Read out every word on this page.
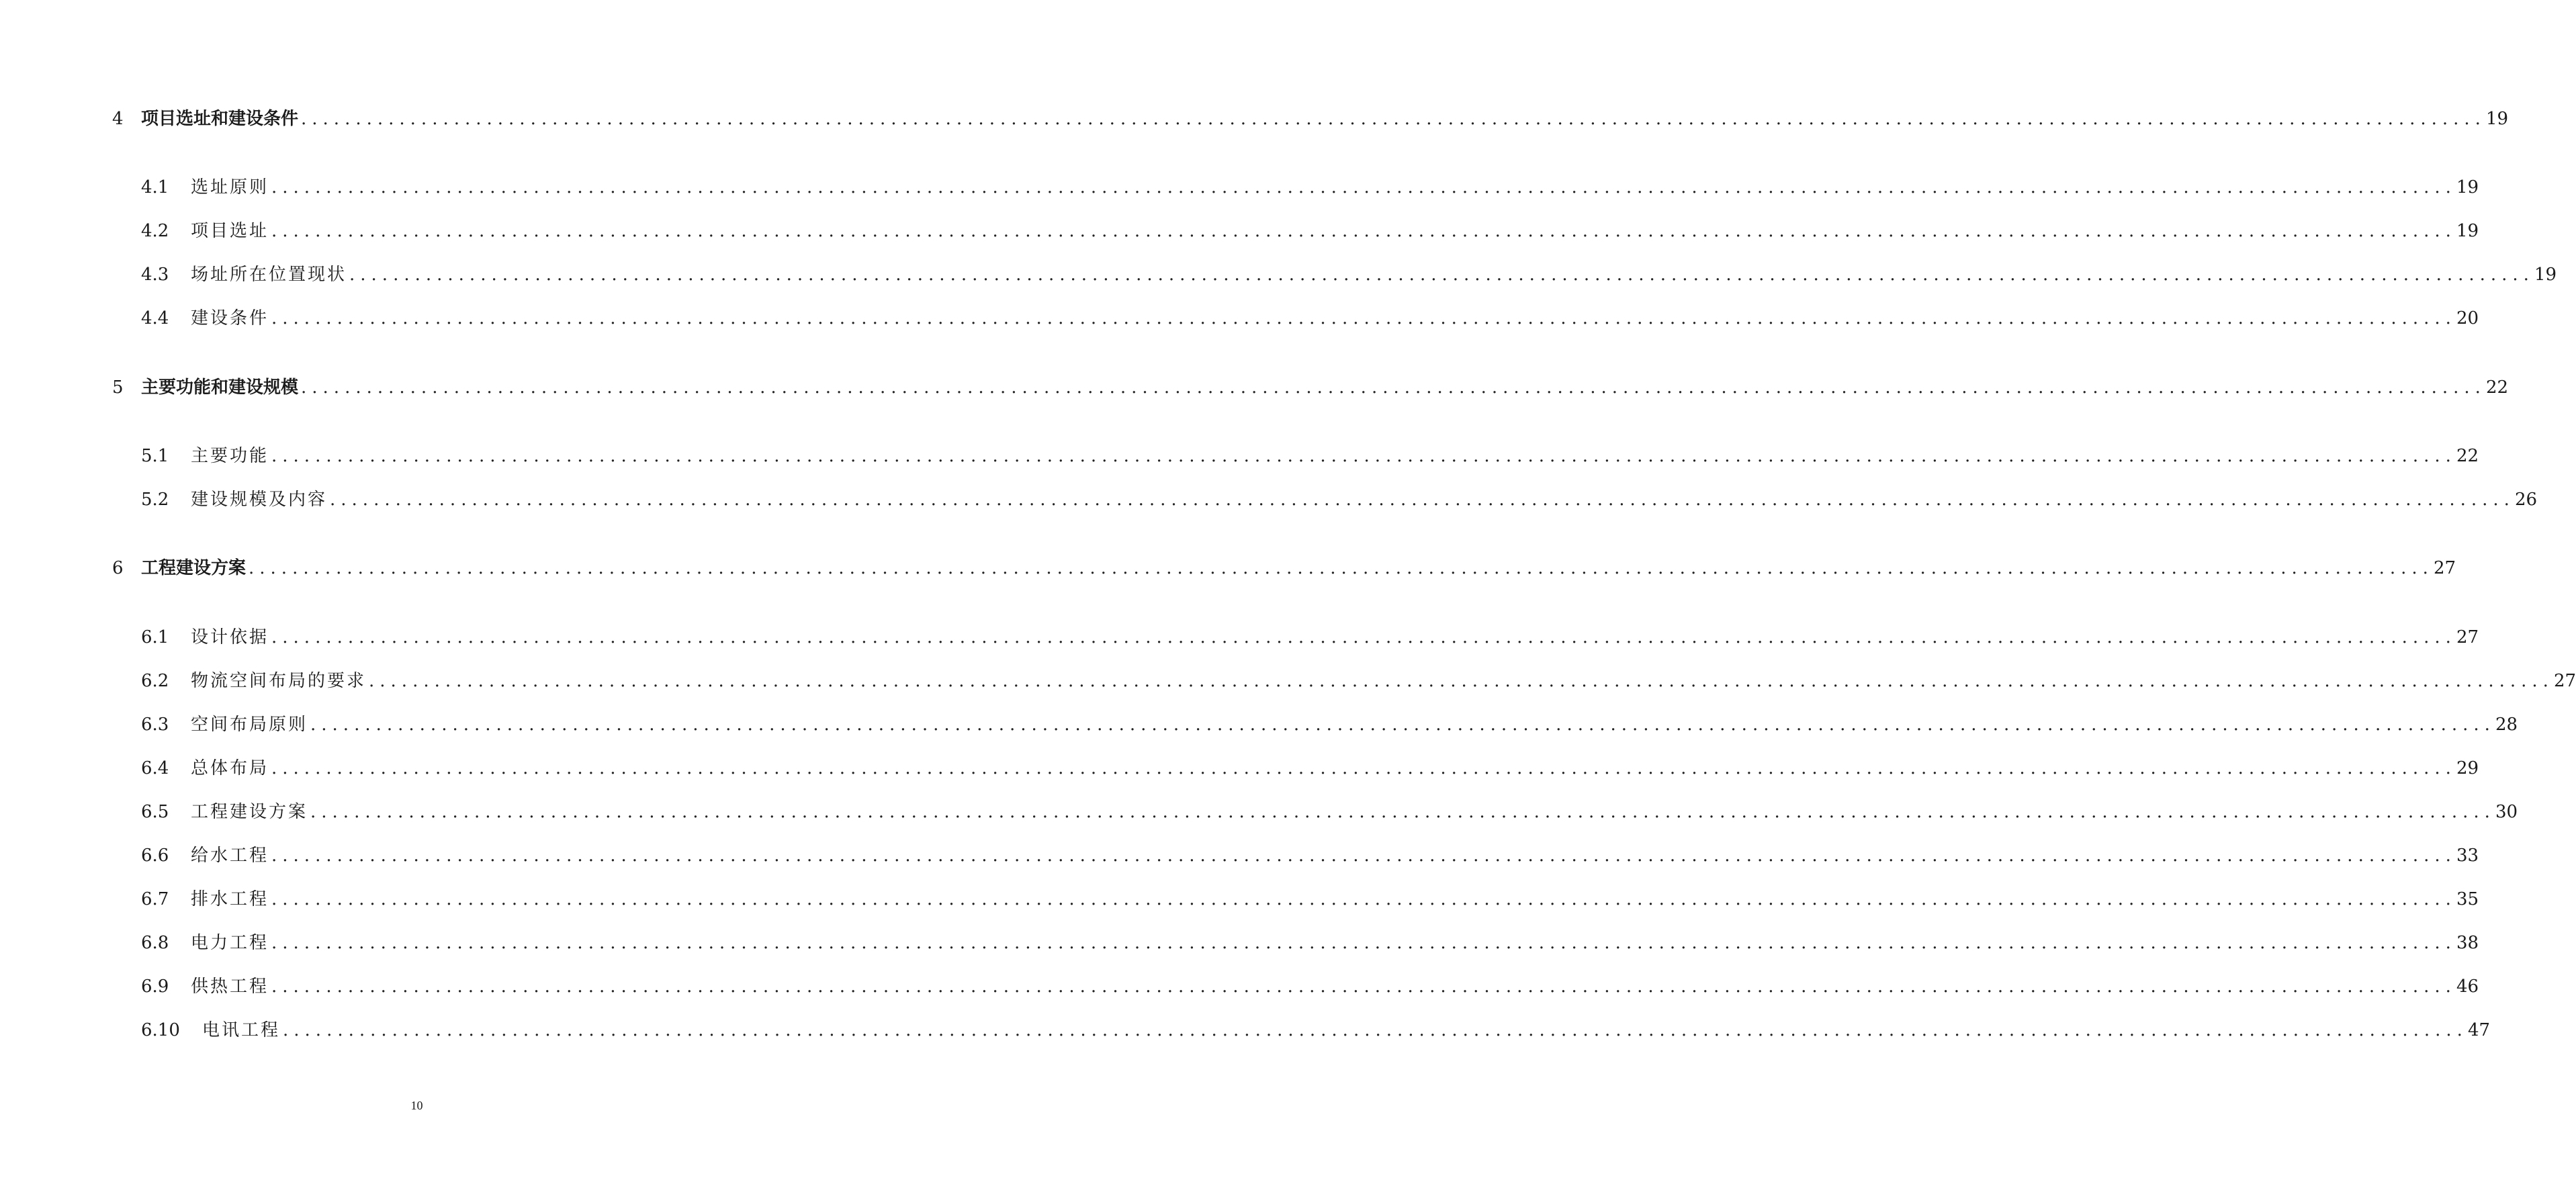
4	项目选址和建设条件 ........................................................................................................................................................................................................ 19
4.1	选址原则 ........................................................................................................................................................................................................ 19
4.2	项目选址 ........................................................................................................................................................................................................ 19
4.3	场址所在位置现状 ........................................................................................................................................................................................................ 19
4.4	建设条件 ........................................................................................................................................................................................................ 20
5	主要功能和建设规模 ........................................................................................................................................................................................................ 22
5.1	主要功能 ........................................................................................................................................................................................................ 22
5.2	建设规模及内容 ........................................................................................................................................................................................................ 26
6	工程建设方案 ........................................................................................................................................................................................................ 27
6.1	设计依据 ........................................................................................................................................................................................................ 27
6.2	物流空间布局的要求 ........................................................................................................................................................................................................ 27
6.3	空间布局原则 ........................................................................................................................................................................................................ 28
6.4	总体布局 ........................................................................................................................................................................................................ 29
6.5	工程建设方案 ........................................................................................................................................................................................................ 30
6.6	给水工程 ........................................................................................................................................................................................................ 33
6.7	排水工程 ........................................................................................................................................................................................................ 35
6.8	电力工程 ........................................................................................................................................................................................................ 38
6.9	供热工程 ........................................................................................................................................................................................................ 46
6.10	电讯工程 ........................................................................................................................................................................................................ 47
10
